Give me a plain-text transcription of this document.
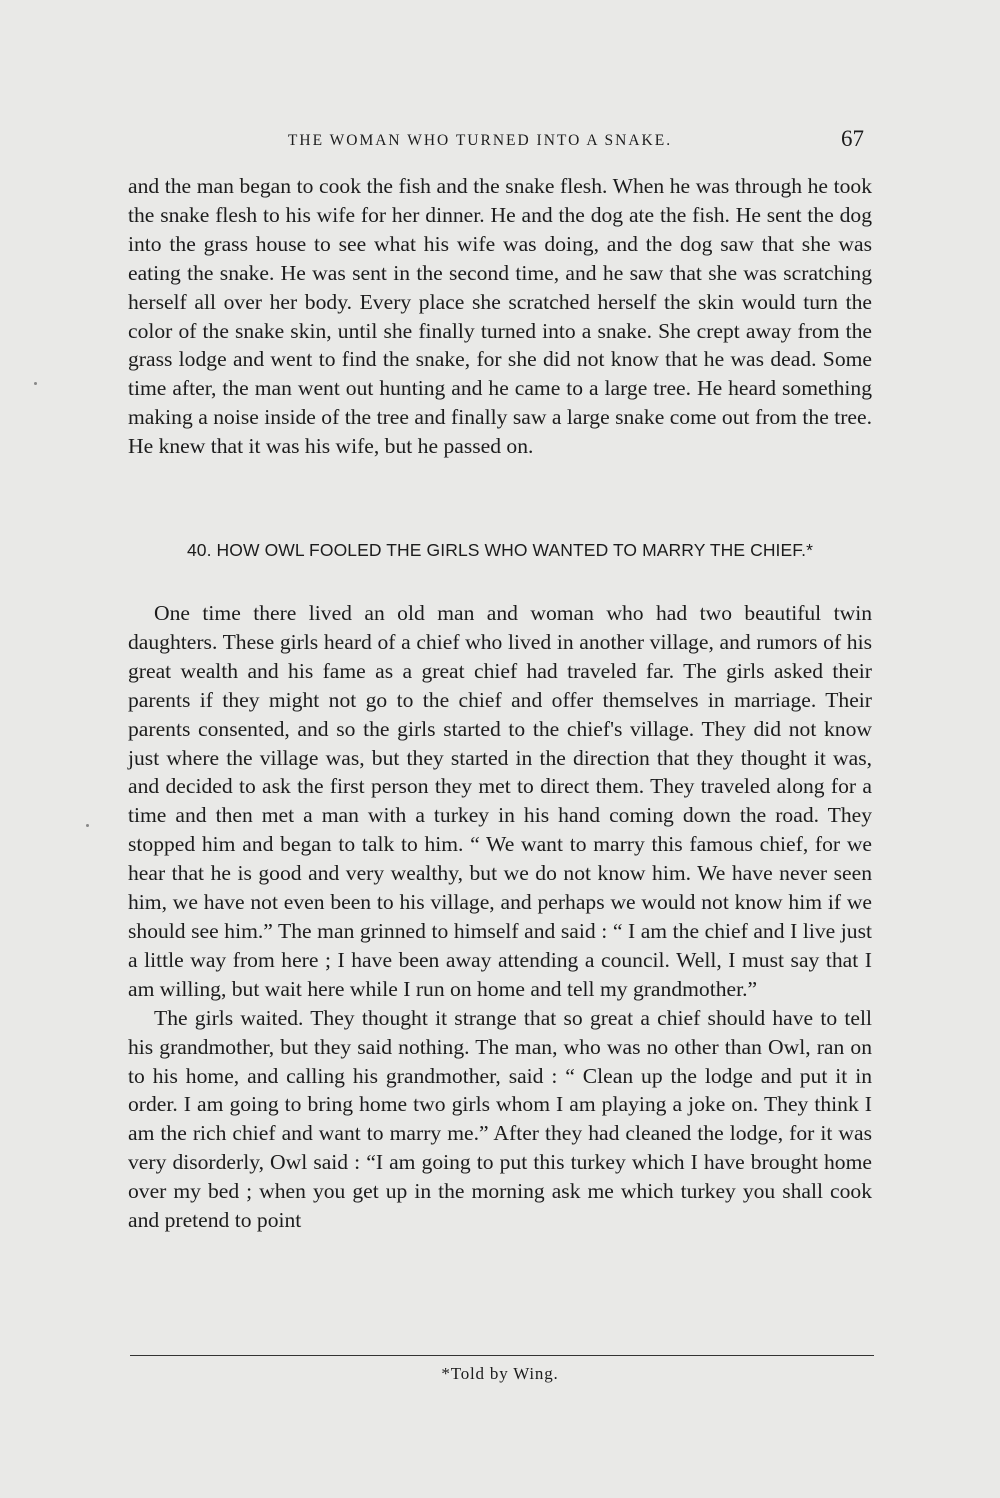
THE WOMAN WHO TURNED INTO A SNAKE.	67

and the man began to cook the fish and the snake flesh. When he was through he took the snake flesh to his wife for her dinner. He and the dog ate the fish. He sent the dog into the grass house to see what his wife was doing, and the dog saw that she was eating the snake. He was sent in the second time, and he saw that she was scratching herself all over her body. Every place she scratched herself the skin would turn the color of the snake skin, until she finally turned into a snake. She crept away from the grass lodge and went to find the snake, for she did not know that he was dead. Some time after, the man went out hunting and he came to a large tree. He heard something making a noise inside of the tree and finally saw a large snake come out from the tree. He knew that it was his wife, but he passed on.

40. HOW OWL FOOLED THE GIRLS WHO WANTED TO MARRY THE CHIEF.*

One time there lived an old man and woman who had two beautiful twin daughters. These girls heard of a chief who lived in another village, and rumors of his great wealth and his fame as a great chief had traveled far. The girls asked their parents if they might not go to the chief and offer themselves in marriage. Their parents consented, and so the girls started to the chief's village. They did not know just where the village was, but they started in the direction that they thought it was, and decided to ask the first person they met to direct them. They traveled along for a time and then met a man with a turkey in his hand coming down the road. They stopped him and began to talk to him. “ We want to marry this famous chief, for we hear that he is good and very wealthy, but we do not know him. We have never seen him, we have not even been to his village, and perhaps we would not know him if we should see him.” The man grinned to himself and said : “ I am the chief and I live just a little way from here ; I have been away attending a council. Well, I must say that I am willing, but wait here while I run on home and tell my grandmother.”

The girls waited. They thought it strange that so great a chief should have to tell his grandmother, but they said nothing. The man, who was no other than Owl, ran on to his home, and calling his grandmother, said : “ Clean up the lodge and put it in order. I am going to bring home two girls whom I am playing a joke on. They think I am the rich chief and want to marry me.” After they had cleaned the lodge, for it was very disorderly, Owl said : “I am going to put this turkey which I have brought home over my bed ; when you get up in the morning ask me which turkey you shall cook and pretend to point

*Told by Wing.
